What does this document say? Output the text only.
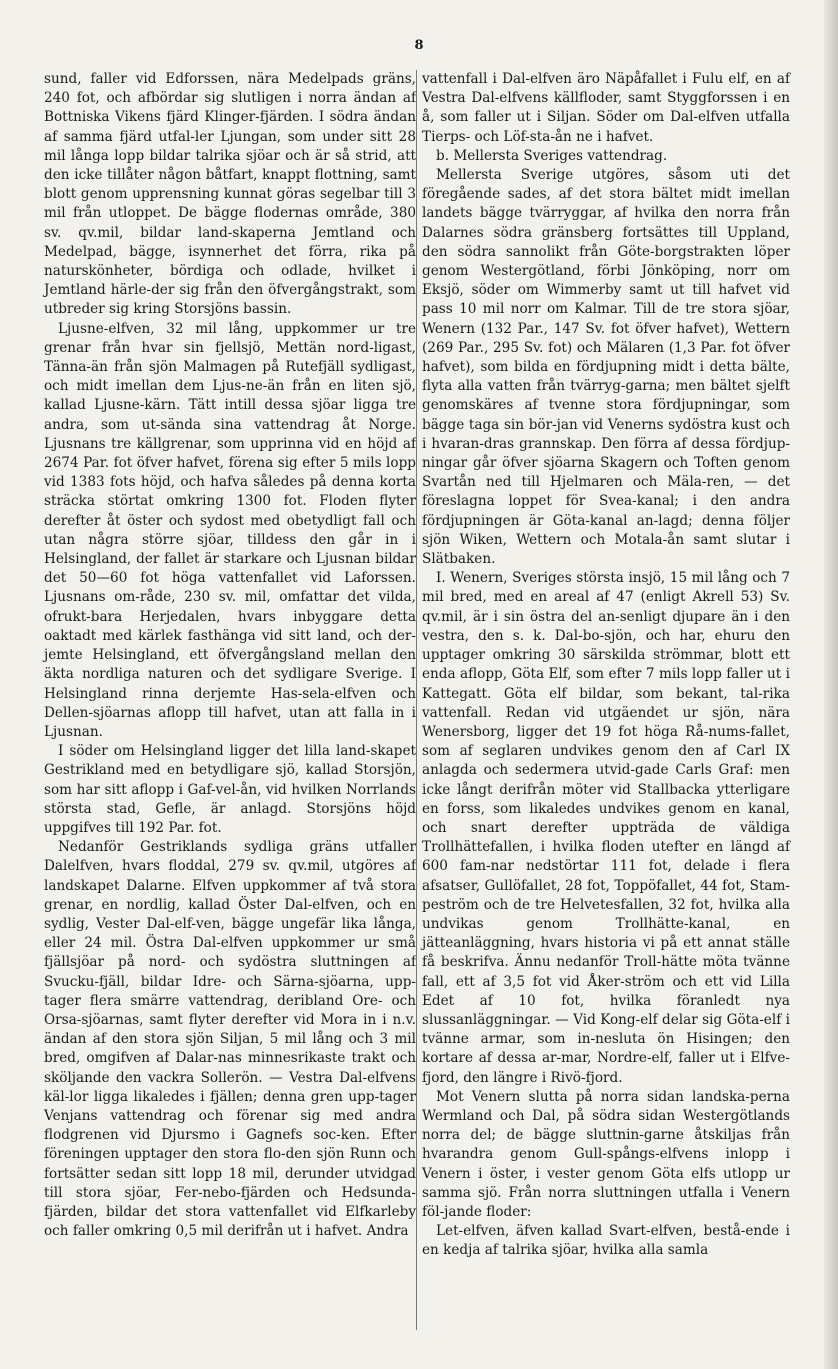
8

sund, faller vid Edforssen, nära Medelpads gräns, 240 fot, och afbördar sig slutligen i norra ändan af Bottniska Vikens fjärd Klinger-fjärden. I södra ändan af samma fjärd utfal-ler Ljungan, som under sitt 28 mil långa lopp bildar talrika sjöar och är så strid, att den icke tillåter någon båtfart, knappt flottning, samt blott genom upprensning kunnat göras segelbar till 3 mil från utloppet. De bägge flodernas område, 380 sv. qv.mil, bildar land-skaperna Jemtland och Medelpad, bägge, isynnerhet det förra, rika på naturskönheter, bördiga och odlade, hvilket i Jemtland härle-der sig från den öfvergångstrakt, som utbreder sig kring Storsjöns bassin.

Ljusne-elfven, 32 mil lång, uppkommer ur tre grenar från hvar sin fjellsjö, Mettän nord-ligast, Tänna-än från sjön Malmagen på Rutefjäll sydligast, och midt imellan dem Ljus-ne-än från en liten sjö, kallad Ljusne-kärn. Tätt intill dessa sjöar ligga tre andra, som ut-sända sina vattendrag åt Norge. Ljusnans tre källgrenar, som upprinna vid en höjd af 2674 Par. fot öfver hafvet, förena sig efter 5 mils lopp vid 1383 fots höjd, och hafva således på denna korta sträcka störtat omkring 1300 fot. Floden flyter derefter åt öster och sydost med obetydligt fall och utan några större sjöar, tilldess den går in i Helsingland, der fallet är starkare och Ljusnan bildar det 50—60 fot höga vattenfallet vid Laforssen. Ljusnans om-råde, 230 sv. mil, omfattar det vilda, ofrukt-bara Herjedalen, hvars inbyggare detta oaktadt med kärlek fasthänga vid sitt land, och der-jemte Helsingland, ett öfvergångsland mellan den äkta nordliga naturen och det sydligare Sverige. I Helsingland rinna derjemte Has-sela-elfven och Dellen-sjöarnas aflopp till hafvet, utan att falla in i Ljusnan.

I söder om Helsingland ligger det lilla land-skapet Gestrikland med en betydligare sjö, kallad Storsjön, som har sitt aflopp i Gaf-vel-ån, vid hvilken Norrlands största stad, Gefle, är anlagd. Storsjöns höjd uppgifves till 192 Par. fot.

Nedanför Gestriklands sydliga gräns utfaller Dalelfven, hvars floddal, 279 sv. qv.mil, utgöres af landskapet Dalarne. Elfven uppkommer af två stora grenar, en nordlig, kallad Öster Dal-elfven, och en sydlig, Vester Dal-elf-ven, bägge ungefär lika långa, eller 24 mil. Östra Dal-elfven uppkommer ur små fjällsjöar på nord- och sydöstra sluttningen af Svucku-fjäll, bildar Idre- och Särna-sjöarna, upp-tager flera smärre vattendrag, deribland Ore- och Orsa-sjöarnas, samt flyter derefter vid Mora in i n.v. ändan af den stora sjön Siljan, 5 mil lång och 3 mil bred, omgifven af Dalar-nas minnesrikaste trakt och sköljande den vackra Sollerön. — Vestra Dal-elfvens käl-lor ligga likaledes i fjällen; denna gren upp-tager Venjans vattendrag och förenar sig med andra flodgrenen vid Djursmo i Gagnefs soc-ken. Efter föreningen upptager den stora flo-den sjön Runn och fortsätter sedan sitt lopp 18 mil, derunder utvidgad till stora sjöar, Fer-nebo-fjärden och Hedsunda-fjärden, bildar det stora vattenfallet vid Elfkarleby och faller omkring 0,5 mil derifrån ut i hafvet. Andra

vattenfall i Dal-elfven äro Näpåfallet i Fulu elf, en af Vestra Dal-elfvens källfloder, samt Styggforssen i en å, som faller ut i Siljan. Söder om Dal-elfven utfalla Tierps- och Löf-sta-ån ne i hafvet.

b. Mellersta Sveriges vattendrag.

Mellersta Sverige utgöres, såsom uti det föregående sades, af det stora bältet midt imellan landets bägge tvärryggar, af hvilka den norra från Dalarnes södra gränsberg fortsättes till Uppland, den södra sannolikt från Göte-borgstrakten löper genom Westergötland, förbi Jönköping, norr om Eksjö, söder om Wimmerby samt ut till hafvet vid pass 10 mil norr om Kalmar. Till de tre stora sjöar, Wenern (132 Par., 147 Sv. fot öfver hafvet), Wettern (269 Par., 295 Sv. fot) och Mälaren (1,3 Par. fot öfver hafvet), som bilda en fördjupning midt i detta bälte, flyta alla vatten från tvärryg-garna; men bältet sjelft genomskäres af tvenne stora fördjupningar, som bägge taga sin bör-jan vid Venerns sydöstra kust och i hvaran-dras grannskap. Den förra af dessa fördjup-ningar går öfver sjöarna Skagern och Toften genom Svartån ned till Hjelmaren och Mäla-ren, — det föreslagna loppet för Svea-kanal; i den andra fördjupningen är Göta-kanal an-lagd; denna följer sjön Wiken, Wettern och Motala-ån samt slutar i Slätbaken.

I. Wenern, Sveriges största insjö, 15 mil lång och 7 mil bred, med en areal af 47 (enligt Akrell 53) Sv. qv.mil, är i sin östra del an-senligt djupare än i den vestra, den s. k. Dal-bo-sjön, och har, ehuru den upptager omkring 30 särskilda strömmar, blott ett enda aflopp, Göta Elf, som efter 7 mils lopp faller ut i Kattegatt. Göta elf bildar, som bekant, tal-rika vattenfall. Redan vid utgäendet ur sjön, nära Wenersborg, ligger det 19 fot höga Rå-nums-fallet, som af seglaren undvikes genom den af Carl IX anlagda och sedermera utvid-gade Carls Graf: men icke långt derifrån möter vid Stallbacka ytterligare en forss, som likaledes undvikes genom en kanal, och snart derefter uppträda de väldiga Trollhättefallen, i hvilka floden utefter en längd af 600 fam-nar nedstörtar 111 fot, delade i flera afsatser, Gullöfallet, 28 fot, Toppöfallet, 44 fot, Stam-peström och de tre Helvetesfallen, 32 fot, hvilka alla undvikas genom Trollhätte-kanal, en jätteanläggning, hvars historia vi på ett annat ställe få beskrifva. Ännu nedanför Troll-hätte möta tvänne fall, ett af 3,5 fot vid Åker-ström och ett vid Lilla Edet af 10 fot, hvilka föranledt nya slussanläggningar. — Vid Kong-elf delar sig Göta-elf i tvänne armar, som in-nesluta ön Hisingen; den kortare af dessa ar-mar, Nordre-elf, faller ut i Elfve-fjord, den längre i Rivö-fjord.

Mot Venern slutta på norra sidan landska-perna Wermland och Dal, på södra sidan Westergötlands norra del; de bägge sluttnin-garne åtskiljas från hvarandra genom Gull-spångs-elfvens inlopp i Venern i öster, i vester genom Göta elfs utlopp ur samma sjö. Från norra sluttningen utfalla i Venern föl-jande floder:

Let-elfven, äfven kallad Svart-elfven, bestå-ende i en kedja af talrika sjöar, hvilka alla samla
